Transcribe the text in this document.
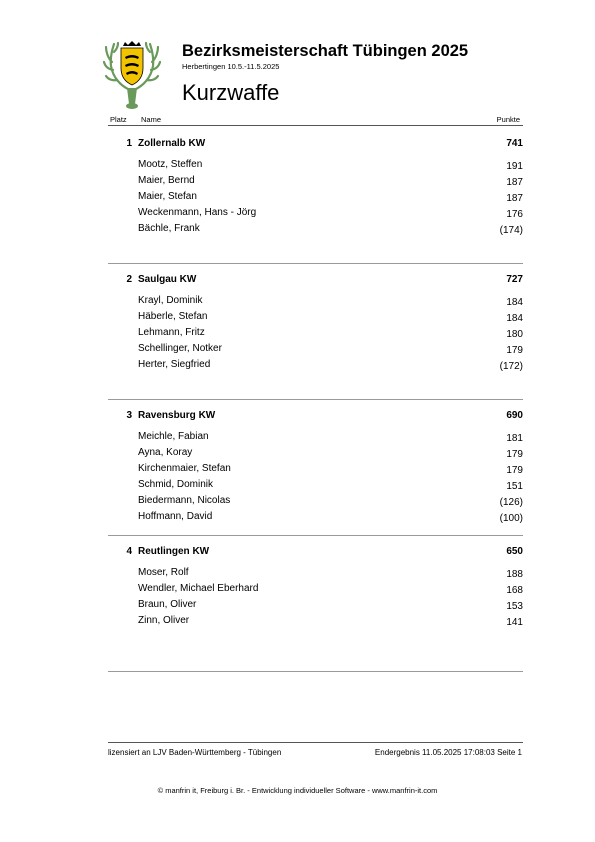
Bezirksmeisterschaft Tübingen 2025
Herbertingen 10.5.-11.5.2025
Kurzwaffe
Platz Name	Punkte
1 Zollernalb KW	741
Mootz, Steffen	191
Maier, Bernd	187
Maier, Stefan	187
Weckenmann, Hans - Jörg	176
Bächle, Frank	(174)
2 Saulgau KW	727
Krayl, Dominik	184
Häberle, Stefan	184
Lehmann, Fritz	180
Schellinger, Notker	179
Herter, Siegfried	(172)
3 Ravensburg KW	690
Meichle, Fabian	181
Ayna, Koray	179
Kirchenmaier, Stefan	179
Schmid, Dominik	151
Biedermann, Nicolas	(126)
Hoffmann, David	(100)
4 Reutlingen KW	650
Moser, Rolf	188
Wendler, Michael Eberhard	168
Braun, Oliver	153
Zinn, Oliver	141
lizensiert an LJV Baden-Württemberg - Tübingen	Endergebnis 11.05.2025 17:08:03 Seite 1
© manfrin it, Freiburg i. Br. - Entwicklung individueller Software - www.manfrin-it.com
